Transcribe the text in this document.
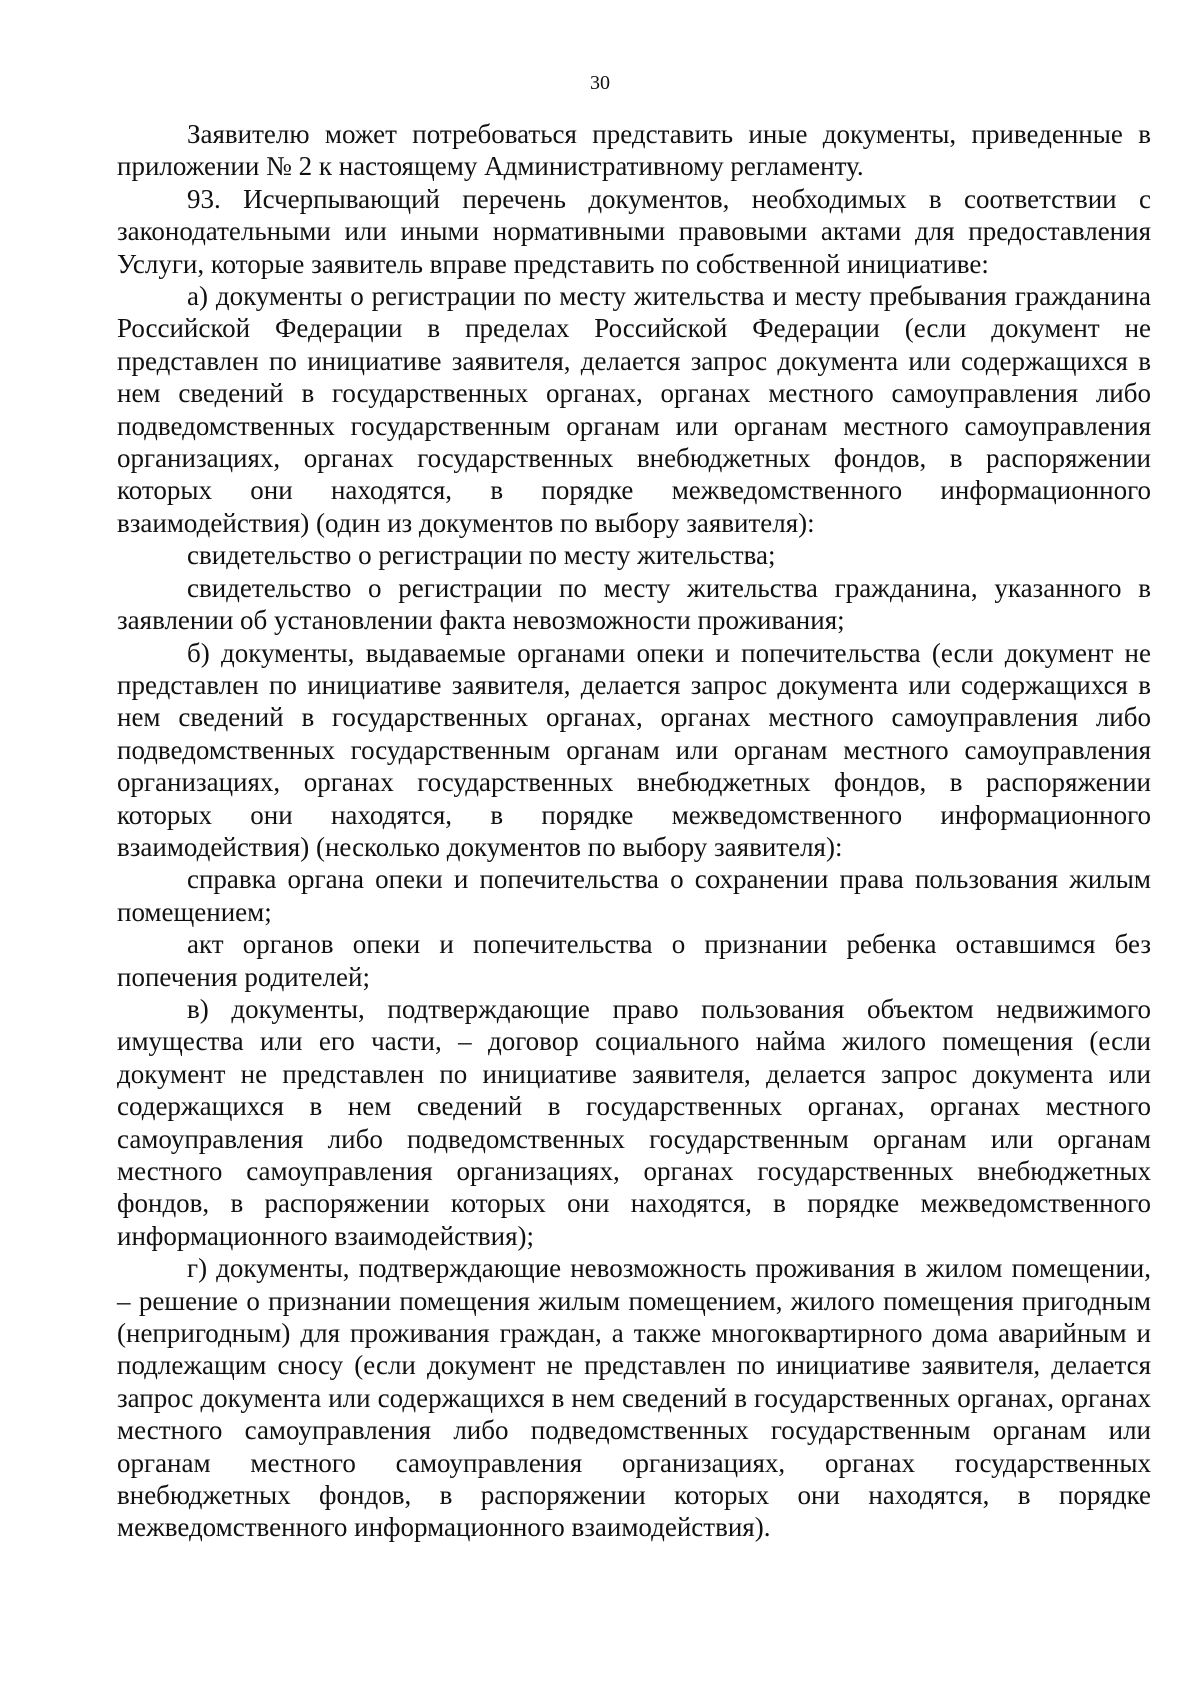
30

Заявителю может потребоваться представить иные документы, приведенные в приложении № 2 к настоящему Административному регламенту.

93. Исчерпывающий перечень документов, необходимых в соответствии с законодательными или иными нормативными правовыми актами для предоставления Услуги, которые заявитель вправе представить по собственной инициативе:

а) документы о регистрации по месту жительства и месту пребывания гражданина Российской Федерации в пределах Российской Федерации (если документ не представлен по инициативе заявителя, делается запрос документа или содержащихся в нем сведений в государственных органах, органах местного самоуправления либо подведомственных государственным органам или органам местного самоуправления организациях, органах государственных внебюджетных фондов, в распоряжении которых они находятся, в порядке межведомственного информационного взаимодействия) (один из документов по выбору заявителя):

свидетельство о регистрации по месту жительства;

свидетельство о регистрации по месту жительства гражданина, указанного в заявлении об установлении факта невозможности проживания;

б) документы, выдаваемые органами опеки и попечительства (если документ не представлен по инициативе заявителя, делается запрос документа или содержащихся в нем сведений в государственных органах, органах местного самоуправления либо подведомственных государственным органам или органам местного самоуправления организациях, органах государственных внебюджетных фондов, в распоряжении которых они находятся, в порядке межведомственного информационного взаимодействия) (несколько документов по выбору заявителя):

справка органа опеки и попечительства о сохранении права пользования жилым помещением;

акт органов опеки и попечительства о признании ребенка оставшимся без попечения родителей;

в) документы, подтверждающие право пользования объектом недвижимого имущества или его части, – договор социального найма жилого помещения (если документ не представлен по инициативе заявителя, делается запрос документа или содержащихся в нем сведений в государственных органах, органах местного самоуправления либо подведомственных государственным органам или органам местного самоуправления организациях, органах государственных внебюджетных фондов, в распоряжении которых они находятся, в порядке межведомственного информационного взаимодействия);

г) документы, подтверждающие невозможность проживания в жилом помещении, – решение о признании помещения жилым помещением, жилого помещения пригодным (непригодным) для проживания граждан, а также многоквартирного дома аварийным и подлежащим сносу (если документ не представлен по инициативе заявителя, делается запрос документа или содержащихся в нем сведений в государственных органах, органах местного самоуправления либо подведомственных государственным органам или органам местного самоуправления организациях, органах государственных внебюджетных фондов, в распоряжении которых они находятся, в порядке межведомственного информационного взаимодействия).
